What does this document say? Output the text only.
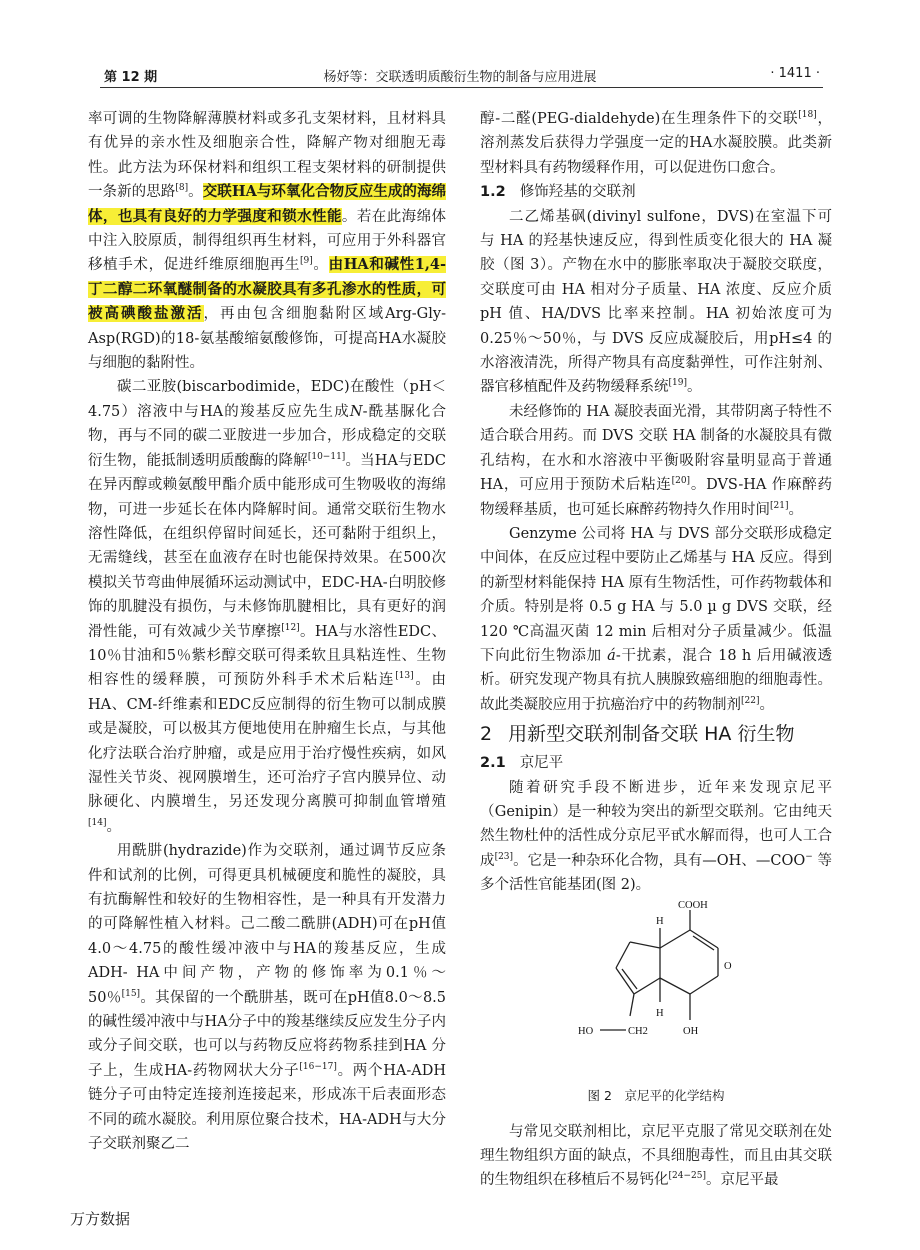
第 12 期	杨妤等：交联透明质酸衍生物的制备与应用进展	· 1411 ·

率可调的生物降解薄膜材料或多孔支架材料，且材料具有优异的亲水性及细胞亲合性，降解产物对细胞无毒性。此方法为环保材料和组织工程支架材料的研制提供一条新的思路[8]。交联HA与环氧化合物反应生成的海绵体，也具有良好的力学强度和锁水性能。若在此海绵体中注入胶原质，制得组织再生材料，可应用于外科器官移植手术，促进纤维原细胞再生[9]。由HA和碱性1,4-丁二醇二环氧醚制备的水凝胶具有多孔渗水的性质，可被高碘酸盐激活，再由包含细胞黏附区域Arg-Gly-Asp(RGD)的18-氨基酸缩氨酸修饰，可提高HA水凝胶与细胞的黏附性。

碳二亚胺(biscarbodimide，EDC)在酸性（pH＜4.75）溶液中与HA的羧基反应先生成N-酰基脲化合物，再与不同的碳二亚胺进一步加合，形成稳定的交联衍生物，能抵制透明质酸酶的降解[10−11]。当HA与EDC在异丙醇或赖氨酸甲酯介质中能形成可生物吸收的海绵物，可进一步延长在体内降解时间。通常交联衍生物水溶性降低，在组织停留时间延长，还可黏附于组织上，无需缝线，甚至在血液存在时也能保持效果。在500次模拟关节弯曲伸展循环运动测试中，EDC-HA-白明胶修饰的肌腱没有损伤，与未修饰肌腱相比，具有更好的润滑性能，可有效减少关节摩擦[12]。HA与水溶性EDC、10％甘油和5％紫杉醇交联可得柔软且具粘连性、生物相容性的缓释膜，可预防外科手术术后粘连[13]。由HA、CM-纤维素和EDC反应制得的衍生物可以制成膜或是凝胶，可以极其方便地使用在肿瘤生长点，与其他化疗法联合治疗肿瘤，或是应用于治疗慢性疾病，如风湿性关节炎、视网膜增生，还可治疗子宫内膜异位、动脉硬化、内膜增生，另还发现分离膜可抑制血管增殖[14]。

用酰肼(hydrazide)作为交联剂，通过调节反应条件和试剂的比例，可得更具机械硬度和脆性的凝胶，具有抗酶解性和较好的生物相容性，是一种具有开发潜力的可降解性植入材料。己二酸二酰肼(ADH)可在pH值4.0～4.75的酸性缓冲液中与HA的羧基反应，生成ADH- HA中间产物，产物的修饰率为0.1％～50％[15]。其保留的一个酰肼基，既可在pH值8.0～8.5的碱性缓冲液中与HA分子中的羧基继续反应发生分子内或分子间交联，也可以与药物反应将药物系挂到HA 分子上，生成HA-药物网状大分子[16−17]。两个HA-ADH链分子可由特定连接剂连接起来，形成冻干后表面形态不同的疏水凝胶。利用原位聚合技术，HA-ADH与大分子交联剂聚乙二

醇-二醛(PEG-dialdehyde)在生理条件下的交联[18]，溶剂蒸发后获得力学强度一定的HA水凝胶膜。此类新型材料具有药物缓释作用，可以促进伤口愈合。

1.2 修饰羟基的交联剂

二乙烯基砜(divinyl sulfone，DVS)在室温下可与 HA 的羟基快速反应，得到性质变化很大的 HA 凝胶（图 3）。产物在水中的膨胀率取决于凝胶交联度，交联度可由 HA 相对分子质量、HA 浓度、反应介质 pH 值、HA/DVS 比率来控制。HA 初始浓度可为 0.25％～50％，与 DVS 反应成凝胶后，用pH≤4 的水溶液清洗，所得产物具有高度黏弹性，可作注射剂、器官移植配件及药物缓释系统[19]。

未经修饰的 HA 凝胶表面光滑，其带阴离子特性不适合联合用药。而 DVS 交联 HA 制备的水凝胶具有微孔结构，在水和水溶液中平衡吸附容量明显高于普通 HA，可应用于预防术后粘连[20]。DVS-HA 作麻醉药物缓释基质，也可延长麻醉药物持久作用时间[21]。

Genzyme 公司将 HA 与 DVS 部分交联形成稳定中间体，在反应过程中要防止乙烯基与 HA 反应。得到的新型材料能保持 HA 原有生物活性，可作药物载体和介质。特别是将 0.5 g HA 与 5.0 µ g DVS 交联，经 120 ℃高温灭菌 12 min 后相对分子质量减少。低温下向此衍生物添加 á-干扰素，混合 18 h 后用碱液透析。研究发现产物具有抗人胰腺致癌细胞的细胞毒性。故此类凝胶应用于抗癌治疗中的药物制剂[22]。

2 用新型交联剂制备交联 HA 衍生物

2.1 京尼平

随着研究手段不断进步，近年来发现京尼平（Genipin）是一种较为突出的新型交联剂。它由纯天然生物杜仲的活性成分京尼平甙水解而得，也可人工合成[23]。它是一种杂环化合物，具有—OH、—COO− 等多个活性官能基团(图 2)。

COOH
H
O
HO	CH2
H
OH
图 2　京尼平的化学结构

与常见交联剂相比，京尼平克服了常见交联剂在处理生物组织方面的缺点，不具细胞毒性，而且由其交联的生物组织在移植后不易钙化[24−25]。京尼平最

万方数据
